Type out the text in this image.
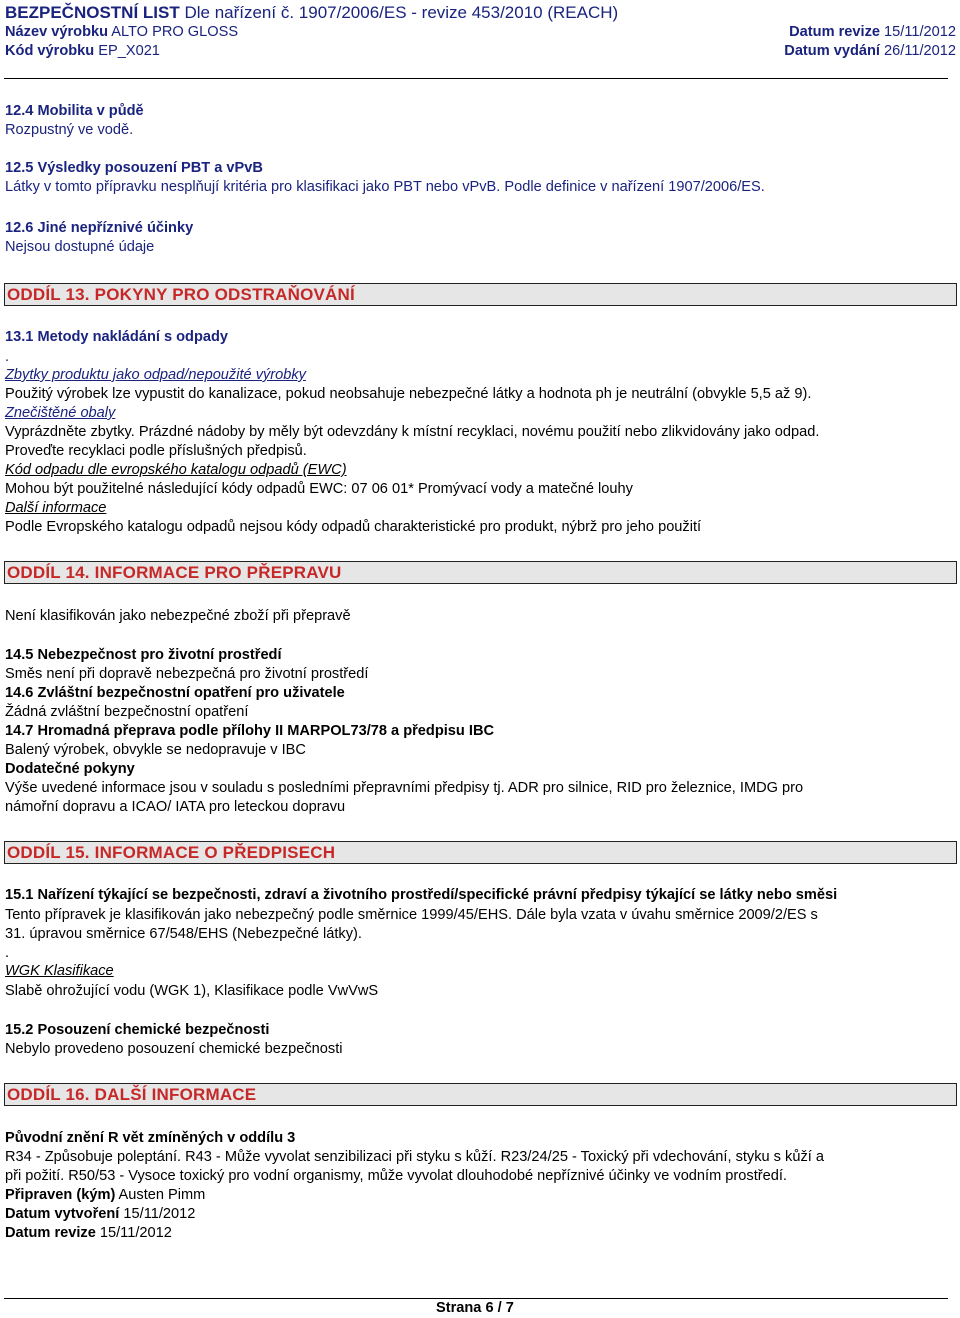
BEZPEČNOSTNÍ LIST Dle nařízení č. 1907/2006/ES - revize 453/2010 (REACH)
Název výrobku ALTO PRO GLOSS
Kód výrobku EP_X021
Datum revize 15/11/2012
Datum vydání 26/11/2012
12.4 Mobilita v půdě
Rozpustný ve vodě.
12.5 Výsledky posouzení PBT a vPvB
Látky v tomto přípravku nesplňují kritéria pro klasifikaci jako PBT nebo vPvB. Podle definice v nařízení 1907/2006/ES.
12.6 Jiné nepříznivé účinky
Nejsou dostupné údaje
ODDÍL 13. POKYNY PRO ODSTRAŇOVÁNÍ
13.1 Metody nakládání s odpady
.
Zbytky produktu jako odpad/nepoužité výrobky
Použitý výrobek lze vypustit do kanalizace, pokud neobsahuje nebezpečné látky a hodnota ph je neutrální (obvykle 5,5 až 9).
Znečištěné obaly
Vyprázdněte zbytky. Prázdné nádoby by měly být odevzdány k místní recyklaci, novému použití nebo zlikvidovány jako odpad.
Proveďte recyklaci podle příslušných předpisů.
Kód odpadu dle evropského katalogu odpadů (EWC)
Mohou být použitelné následující kódy odpadů EWC: 07 06 01* Promývací vody a matečné louhy
Další informace
Podle Evropského katalogu odpadů nejsou kódy odpadů charakteristické pro produkt, nýbrž pro jeho použití
ODDÍL 14. INFORMACE PRO PŘEPRAVU
Není klasifikován jako nebezpečné zboží při přepravě
14.5 Nebezpečnost pro životní prostředí
Směs není při dopravě nebezpečná pro životní prostředí
14.6 Zvláštní bezpečnostní opatření pro uživatele
Žádná zvláštní bezpečnostní opatření
14.7 Hromadná přeprava podle přílohy II MARPOL73/78 a předpisu IBC
Balený výrobek, obvykle se nedopravuje v IBC
Dodatečné pokyny
Výše uvedené informace jsou v souladu s posledními přepravními předpisy tj. ADR pro silnice, RID pro železnice, IMDG pro
námořní dopravu a ICAO/ IATA pro leteckou dopravu
ODDÍL 15. INFORMACE O PŘEDPISECH
15.1 Nařízení týkající se bezpečnosti, zdraví a životního prostředí/specifické právní předpisy týkající se látky nebo směsi
Tento přípravek je klasifikován jako nebezpečný podle směrnice 1999/45/EHS. Dále byla vzata v úvahu směrnice 2009/2/ES s
31. úpravou směrnice 67/548/EHS (Nebezpečné látky).
.
WGK Klasifikace
Slabě ohrožující vodu (WGK 1), Klasifikace podle VwVwS
15.2 Posouzení chemické bezpečnosti
Nebylo provedeno posouzení chemické bezpečnosti
ODDÍL 16. DALŠÍ INFORMACE
Původní znění R vět zmíněných v oddílu 3
R34 - Způsobuje poleptání. R43 - Může vyvolat senzibilizaci při styku s kůží. R23/24/25 - Toxický při vdechování, styku s kůží a
při požití. R50/53 - Vysoce toxický pro vodní organismy, může vyvolat dlouhodobé nepříznivé účinky ve vodním prostředí.
Připraven (kým) Austen Pimm
Datum vytvoření 15/11/2012
Datum revize 15/11/2012
Strana 6 / 7
